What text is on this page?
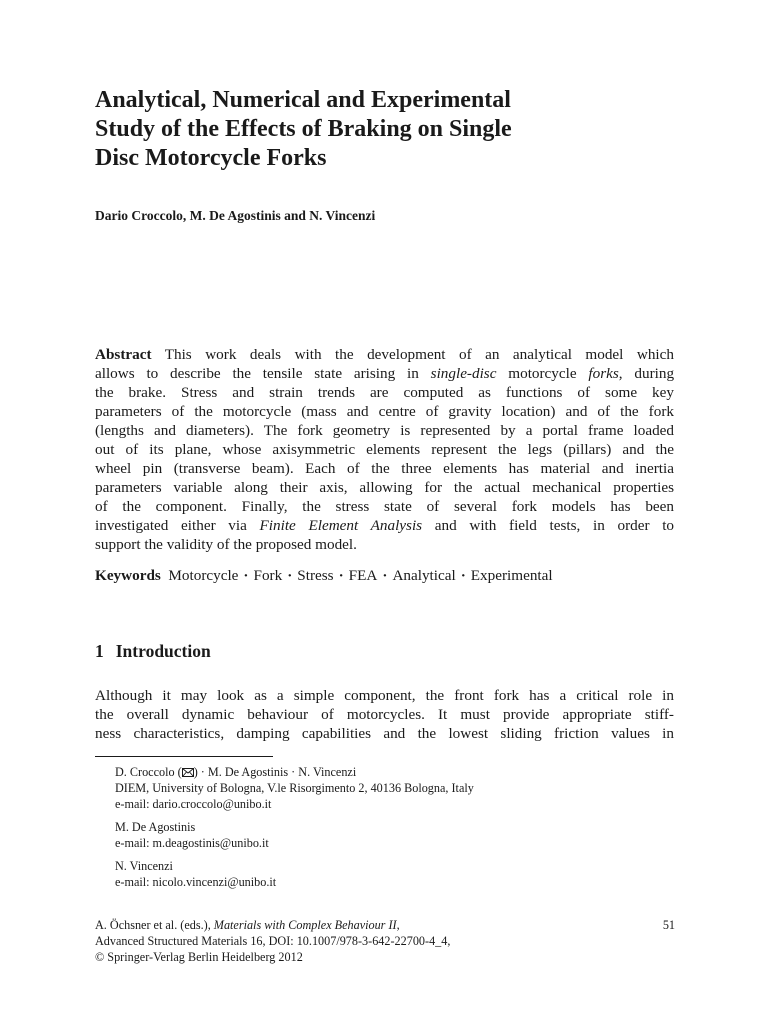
Analytical, Numerical and Experimental
Study of the Effects of Braking on Single
Disc Motorcycle Forks

Dario Croccolo, M. De Agostinis and N. Vincenzi

Abstract This work deals with the development of an analytical model which
allows to describe the tensile state arising in single-disc motorcycle forks, during
the brake. Stress and strain trends are computed as functions of some key
parameters of the motorcycle (mass and centre of gravity location) and of the fork
(lengths and diameters). The fork geometry is represented by a portal frame loaded
out of its plane, whose axisymmetric elements represent the legs (pillars) and the
wheel pin (transverse beam). Each of the three elements has material and inertia
parameters variable along their axis, allowing for the actual mechanical properties
of the component. Finally, the stress state of several fork models has been
investigated either via Finite Element Analysis and with field tests, in order to
support the validity of the proposed model.

Keywords Motorcycle · Fork · Stress · FEA · Analytical · Experimental

1 Introduction
Although it may look as a simple component, the front fork has a critical role in
the overall dynamic behaviour of motorcycles. It must provide appropriate stiff-
ness characteristics, damping capabilities and the lowest sliding friction values in
D. Croccolo ( ) · M. De Agostinis · N. Vincenzi
DIEM, University of Bologna, V.le Risorgimento 2, 40136 Bologna, Italy
e-mail: dario.croccolo@unibo.it
M. De Agostinis
e-mail: m.deagostinis@unibo.it
N. Vincenzi
e-mail: nicolo.vincenzi@unibo.it
A. Öchsner et al. (eds.), Materials with Complex Behaviour II,
Advanced Structured Materials 16, DOI: 10.1007/978-3-642-22700-4_4,
© Springer-Verlag Berlin Heidelberg 2012
51
